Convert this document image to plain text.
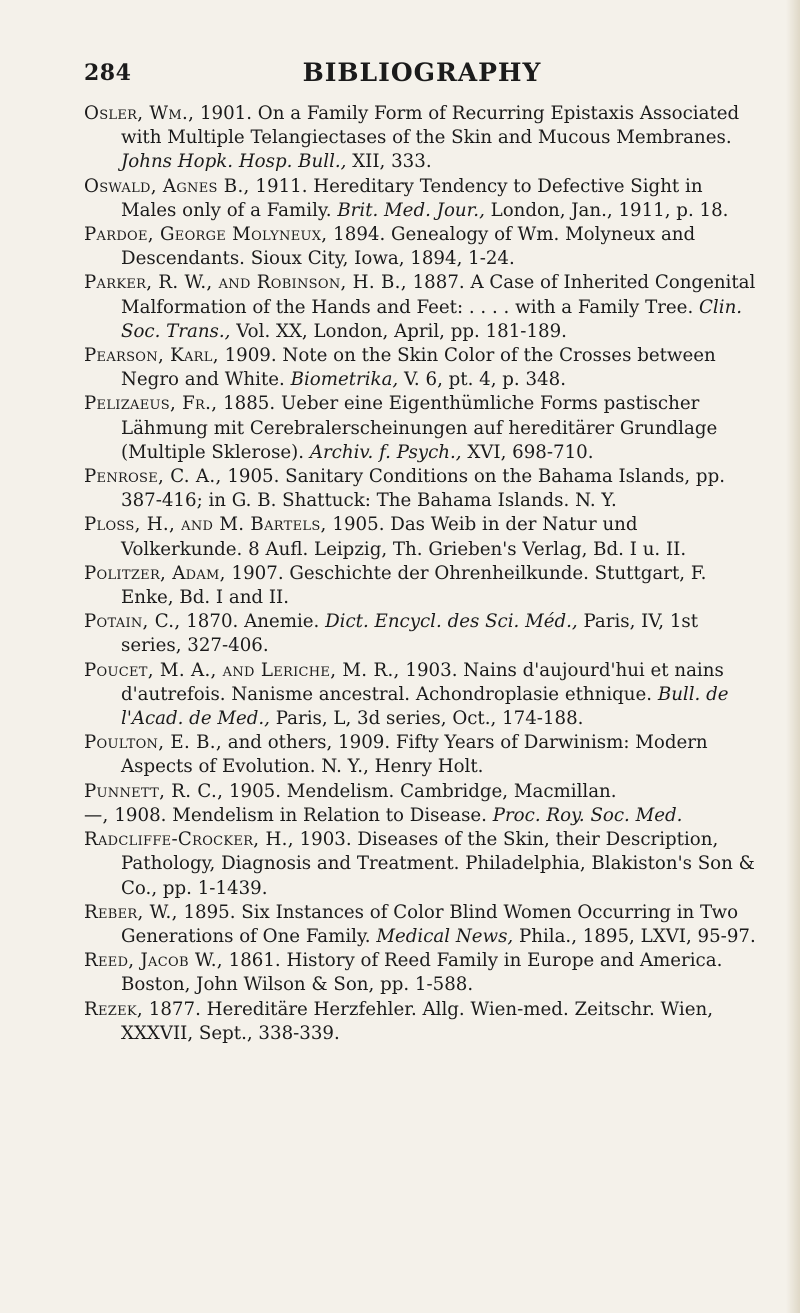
284	BIBLIOGRAPHY
Osler, Wm., 1901. On a Family Form of Recurring Epistaxis Associated with Multiple Telangiectases of the Skin and Mucous Membranes. Johns Hopk. Hosp. Bull., XII, 333.
Oswald, Agnes B., 1911. Hereditary Tendency to Defective Sight in Males only of a Family. Brit. Med. Jour., London, Jan., 1911, p. 18.
Pardoe, George Molyneux, 1894. Genealogy of Wm. Molyneux and Descendants. Sioux City, Iowa, 1894, 1-24.
Parker, R. W., and Robinson, H. B., 1887. A Case of Inherited Congenital Malformation of the Hands and Feet: . . . . with a Family Tree. Clin. Soc. Trans., Vol. XX, London, April, pp. 181-189.
Pearson, Karl, 1909. Note on the Skin Color of the Crosses between Negro and White. Biometrika, V. 6, pt. 4, p. 348.
Pelizaeus, Fr., 1885. Ueber eine Eigenthümliche Forms pastischer Lähmung mit Cerebralerscheinungen auf hereditärer Grundlage (Multiple Sklerose). Archiv. f. Psych., XVI, 698-710.
Penrose, C. A., 1905. Sanitary Conditions on the Bahama Islands, pp. 387-416; in G. B. Shattuck: The Bahama Islands. N. Y.
Ploss, H., and M. Bartels, 1905. Das Weib in der Natur und Volkerkunde. 8 Aufl. Leipzig, Th. Grieben's Verlag, Bd. I u. II.
Politzer, Adam, 1907. Geschichte der Ohrenheilkunde. Stuttgart, F. Enke, Bd. I and II.
Potain, C., 1870. Anemie. Dict. Encycl. des Sci. Méd., Paris, IV, 1st series, 327-406.
Poucet, M. A., and Leriche, M. R., 1903. Nains d'aujourd'hui et nains d'autrefois. Nanisme ancestral. Achondroplasie ethnique. Bull. de l'Acad. de Med., Paris, L, 3d series, Oct., 174-188.
Poulton, E. B., and others, 1909. Fifty Years of Darwinism: Modern Aspects of Evolution. N. Y., Henry Holt.
Punnett, R. C., 1905. Mendelism. Cambridge, Macmillan.
—, 1908. Mendelism in Relation to Disease. Proc. Roy. Soc. Med.
Radcliffe-Crocker, H., 1903. Diseases of the Skin, their Description, Pathology, Diagnosis and Treatment. Philadelphia, Blakiston's Son & Co., pp. 1-1439.
Reber, W., 1895. Six Instances of Color Blind Women Occurring in Two Generations of One Family. Medical News, Phila., 1895, LXVI, 95-97.
Reed, Jacob W., 1861. History of Reed Family in Europe and America. Boston, John Wilson & Son, pp. 1-588.
Rezek, 1877. Hereditäre Herzfehler. Allg. Wien-med. Zeitschr. Wien, XXXVII, Sept., 338-339.
